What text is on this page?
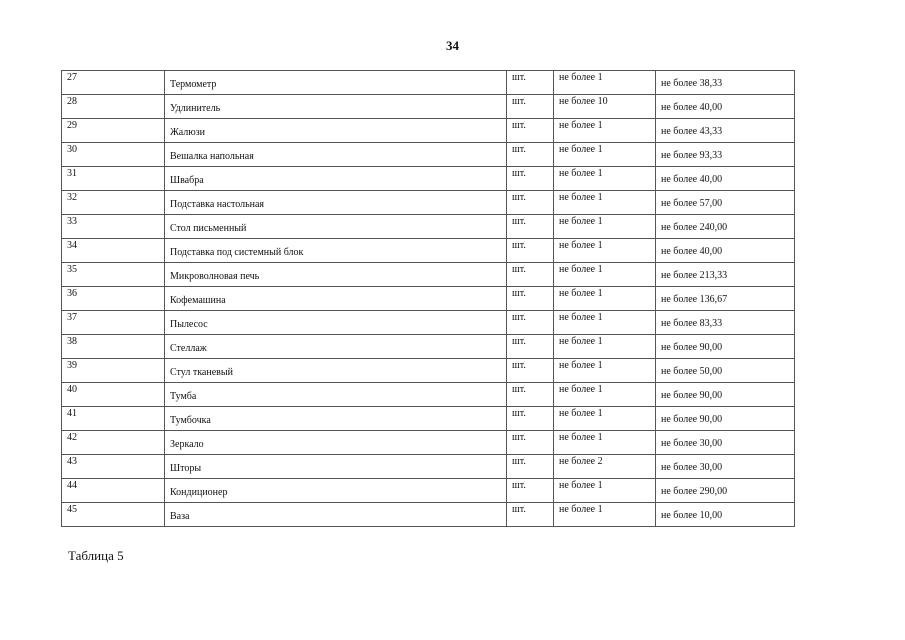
34
27	Термометр	шт.	не более 1	не более 38,33

28	Удлинитель	шт.	не более 10	не более 40,00

29	Жалюзи	шт.	не более 1	не более 43,33

30	Вешалка напольная	шт.	не более 1	не более 93,33

31	Швабра	шт.	не более 1	не более 40,00

32	Подставка настольная	шт.	не более 1	не более 57,00

33	Стол письменный	шт.	не более 1	не более 240,00

34	Подставка под системный блок	шт.	не более 1	не более 40,00

35	Микроволновая печь	шт.	не более 1	не более 213,33

36	Кофемашина	шт.	не более 1	не более 136,67

37	Пылесос	шт.	не более 1	не более 83,33

38	Стеллаж	шт.	не более 1	не более 90,00

39	Стул тканевый	шт.	не более 1	не более 50,00

40	Тумба	шт.	не более 1	не более 90,00

41	Тумбочка	шт.	не более 1	не более 90,00

42	Зеркало	шт.	не более 1	не более 30,00

43	Шторы	шт.	не более 2	не более 30,00

44	Кондиционер	шт.	не более 1	не более 290,00

45	Ваза	шт.	не более 1	не более 10,00
Таблица 5
